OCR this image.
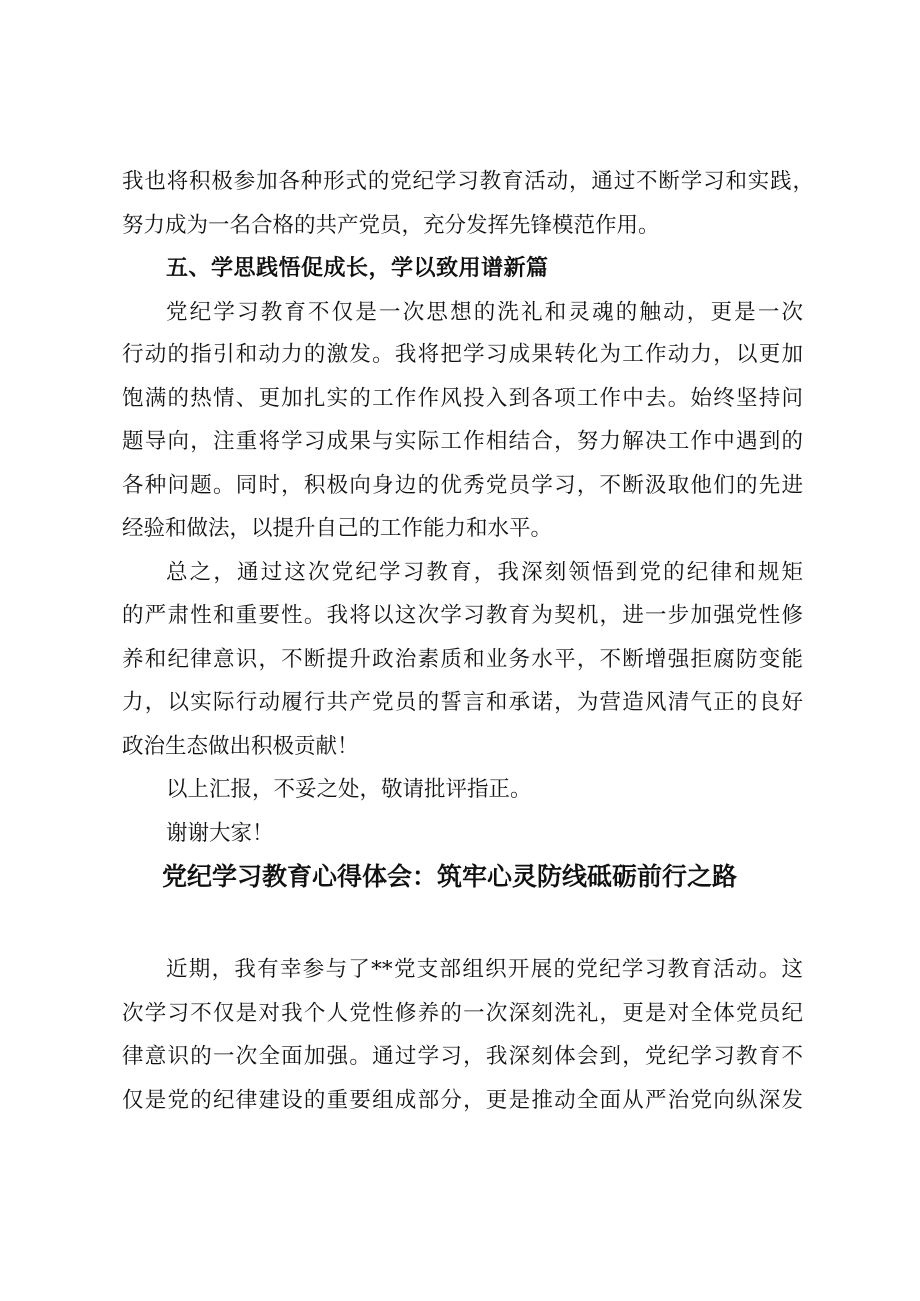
我也将积极参加各种形式的党纪学习教育活动，通过不断学习和实践，
努力成为一名合格的共产党员，充分发挥先锋模范作用。
五、学思践悟促成长，学以致用谱新篇
党纪学习教育不仅是一次思想的洗礼和灵魂的触动，更是一次
行动的指引和动力的激发。我将把学习成果转化为工作动力，以更加
饱满的热情、更加扎实的工作作风投入到各项工作中去。始终坚持问
题导向，注重将学习成果与实际工作相结合，努力解决工作中遇到的
各种问题。同时，积极向身边的优秀党员学习，不断汲取他们的先进
经验和做法，以提升自己的工作能力和水平。
总之，通过这次党纪学习教育，我深刻领悟到党的纪律和规矩
的严肃性和重要性。我将以这次学习教育为契机，进一步加强党性修
养和纪律意识，不断提升政治素质和业务水平，不断增强拒腐防变能
力，以实际行动履行共产党员的誓言和承诺，为营造风清气正的良好
政治生态做出积极贡献！
以上汇报，不妥之处，敬请批评指正。
谢谢大家！
党纪学习教育心得体会：筑牢心灵防线砥砺前行之路
近期，我有幸参与了**党支部组织开展的党纪学习教育活动。这
次学习不仅是对我个人党性修养的一次深刻洗礼，更是对全体党员纪
律意识的一次全面加强。通过学习，我深刻体会到，党纪学习教育不
仅是党的纪律建设的重要组成部分，更是推动全面从严治党向纵深发
